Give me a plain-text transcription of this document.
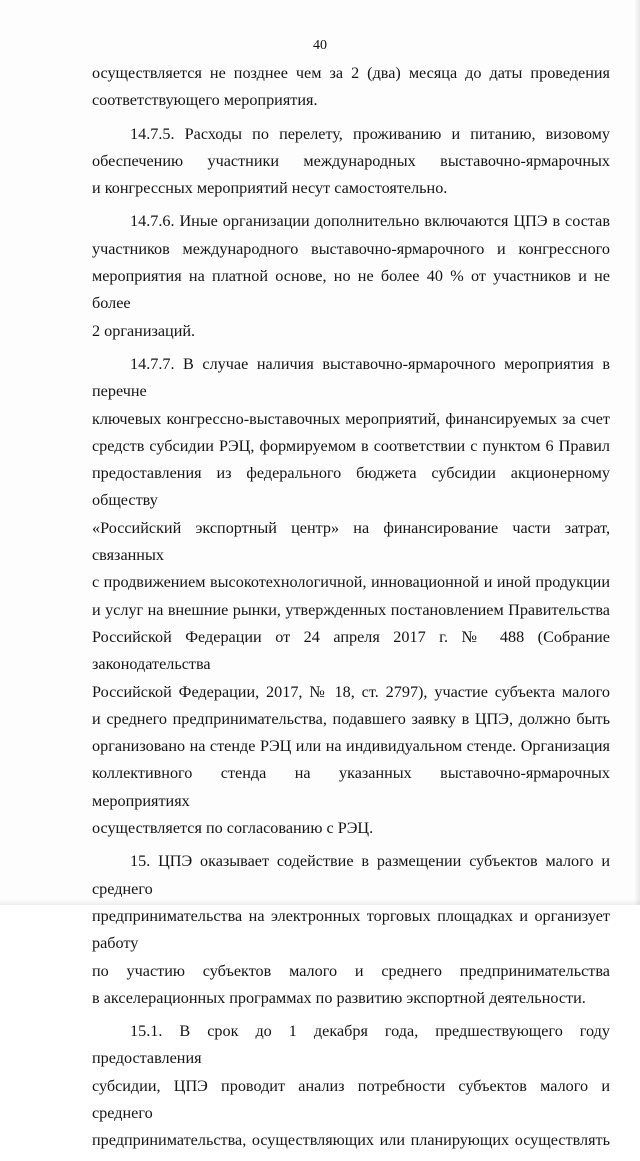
40

осуществляется не позднее чем за 2 (два) месяца до даты проведения
соответствующего мероприятия.

14.7.5. Расходы по перелету, проживанию и питанию, визовому
обеспечению участники международных выставочно-ярмарочных
и конгрессных мероприятий несут самостоятельно.

14.7.6. Иные организации дополнительно включаются ЦПЭ в состав
участников международного выставочно-ярмарочного и конгрессного
мероприятия на платной основе, но не более 40 % от участников и не более
2 организаций.

14.7.7. В случае наличия выставочно-ярмарочного мероприятия в перечне
ключевых конгрессно-выставочных мероприятий, финансируемых за счет
средств субсидии РЭЦ, формируемом в соответствии с пунктом 6 Правил
предоставления из федерального бюджета субсидии акционерному обществу
«Российский экспортный центр» на финансирование части затрат, связанных
с продвижением высокотехнологичной, инновационной и иной продукции
и услуг на внешние рынки, утвержденных постановлением Правительства
Российской Федерации от 24 апреля 2017 г. № 488 (Собрание законодательства
Российской Федерации, 2017, № 18, ст. 2797), участие субъекта малого
и среднего предпринимательства, подавшего заявку в ЦПЭ, должно быть
организовано на стенде РЭЦ или на индивидуальном стенде. Организация
коллективного стенда на указанных выставочно-ярмарочных мероприятиях
осуществляется по согласованию с РЭЦ.

15. ЦПЭ оказывает содействие в размещении субъектов малого и среднего
предпринимательства на электронных торговых площадках и организует работу
по участию субъектов малого и среднего предпринимательства
в акселерационных программах по развитию экспортной деятельности.

15.1. В срок до 1 декабря года, предшествующего году предоставления
субсидии, ЦПЭ проводит анализ потребности субъектов малого и среднего
предпринимательства, осуществляющих или планирующих осуществлять
